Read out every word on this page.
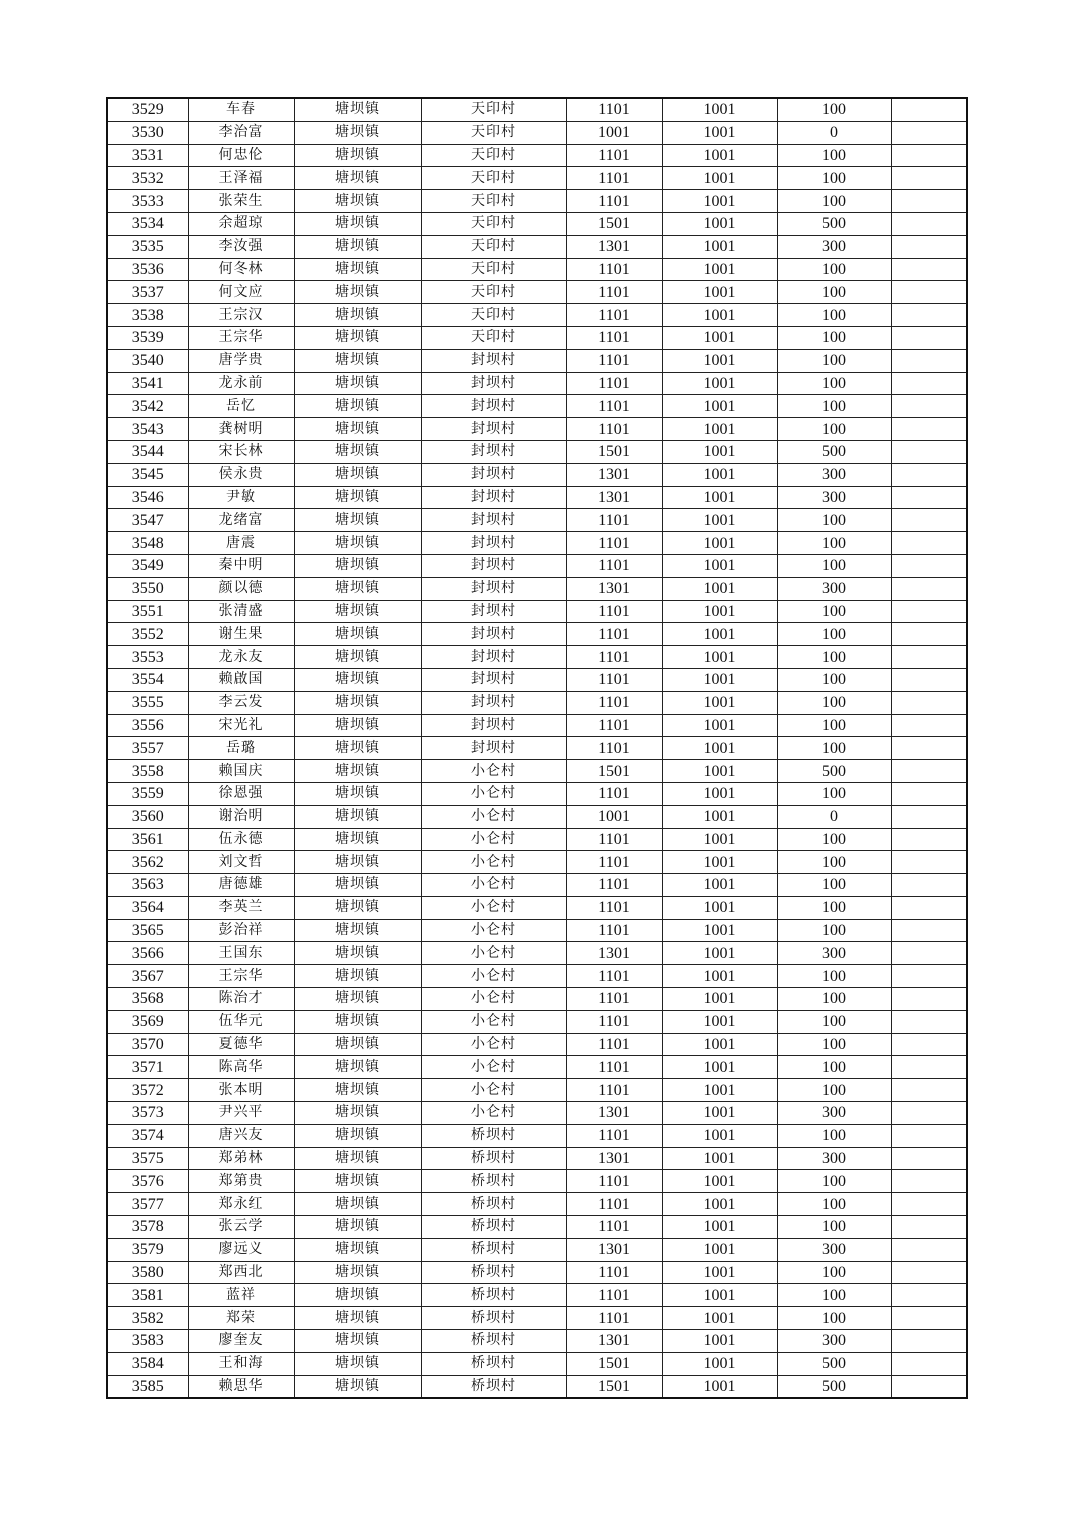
3529	车春	塘坝镇	天印村	1101	1001	100	
3530	李治富	塘坝镇	天印村	1001	1001	0	
3531	何忠伦	塘坝镇	天印村	1101	1001	100	
3532	王泽福	塘坝镇	天印村	1101	1001	100	
3533	张荣生	塘坝镇	天印村	1101	1001	100	
3534	余超琼	塘坝镇	天印村	1501	1001	500	
3535	李汝强	塘坝镇	天印村	1301	1001	300	
3536	何冬林	塘坝镇	天印村	1101	1001	100	
3537	何文应	塘坝镇	天印村	1101	1001	100	
3538	王宗汉	塘坝镇	天印村	1101	1001	100	
3539	王宗华	塘坝镇	天印村	1101	1001	100	
3540	唐学贵	塘坝镇	封坝村	1101	1001	100	
3541	龙永前	塘坝镇	封坝村	1101	1001	100	
3542	岳忆	塘坝镇	封坝村	1101	1001	100	
3543	龚树明	塘坝镇	封坝村	1101	1001	100	
3544	宋长林	塘坝镇	封坝村	1501	1001	500	
3545	侯永贵	塘坝镇	封坝村	1301	1001	300	
3546	尹敏	塘坝镇	封坝村	1301	1001	300	
3547	龙绪富	塘坝镇	封坝村	1101	1001	100	
3548	唐震	塘坝镇	封坝村	1101	1001	100	
3549	秦中明	塘坝镇	封坝村	1101	1001	100	
3550	颜以德	塘坝镇	封坝村	1301	1001	300	
3551	张清盛	塘坝镇	封坝村	1101	1001	100	
3552	谢生果	塘坝镇	封坝村	1101	1001	100	
3553	龙永友	塘坝镇	封坝村	1101	1001	100	
3554	赖啟国	塘坝镇	封坝村	1101	1001	100	
3555	李云发	塘坝镇	封坝村	1101	1001	100	
3556	宋光礼	塘坝镇	封坝村	1101	1001	100	
3557	岳璐	塘坝镇	封坝村	1101	1001	100	
3558	赖国庆	塘坝镇	小仑村	1501	1001	500	
3559	徐恩强	塘坝镇	小仑村	1101	1001	100	
3560	谢治明	塘坝镇	小仑村	1001	1001	0	
3561	伍永德	塘坝镇	小仑村	1101	1001	100	
3562	刘文哲	塘坝镇	小仑村	1101	1001	100	
3563	唐德雄	塘坝镇	小仑村	1101	1001	100	
3564	李英兰	塘坝镇	小仑村	1101	1001	100	
3565	彭治祥	塘坝镇	小仑村	1101	1001	100	
3566	王国东	塘坝镇	小仑村	1301	1001	300	
3567	王宗华	塘坝镇	小仑村	1101	1001	100	
3568	陈治才	塘坝镇	小仑村	1101	1001	100	
3569	伍华元	塘坝镇	小仑村	1101	1001	100	
3570	夏德华	塘坝镇	小仑村	1101	1001	100	
3571	陈高华	塘坝镇	小仑村	1101	1001	100	
3572	张本明	塘坝镇	小仑村	1101	1001	100	
3573	尹兴平	塘坝镇	小仑村	1301	1001	300	
3574	唐兴友	塘坝镇	桥坝村	1101	1001	100	
3575	郑弟林	塘坝镇	桥坝村	1301	1001	300	
3576	郑第贵	塘坝镇	桥坝村	1101	1001	100	
3577	郑永红	塘坝镇	桥坝村	1101	1001	100	
3578	张云学	塘坝镇	桥坝村	1101	1001	100	
3579	廖远义	塘坝镇	桥坝村	1301	1001	300	
3580	郑西北	塘坝镇	桥坝村	1101	1001	100	
3581	蓝祥	塘坝镇	桥坝村	1101	1001	100	
3582	郑荣	塘坝镇	桥坝村	1101	1001	100	
3583	廖奎友	塘坝镇	桥坝村	1301	1001	300	
3584	王和海	塘坝镇	桥坝村	1501	1001	500	
3585	赖思华	塘坝镇	桥坝村	1501	1001	500	
